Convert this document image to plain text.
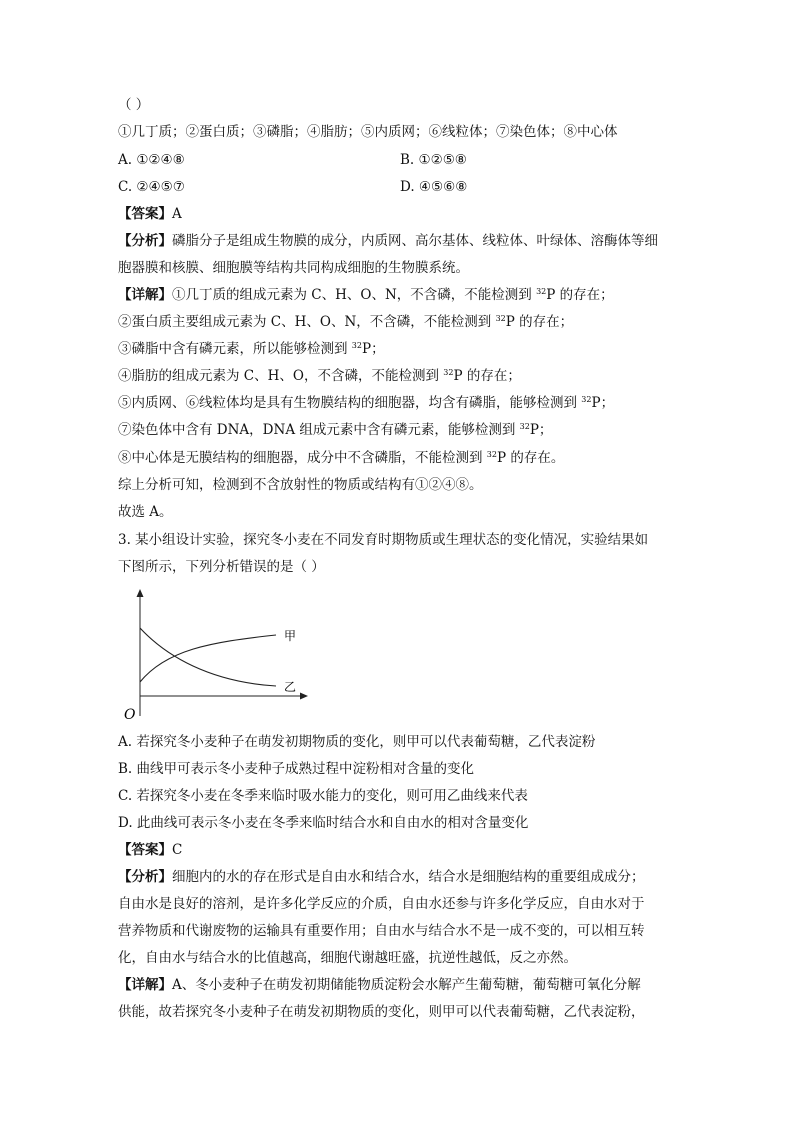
（ ）
①几丁质；②蛋白质；③磷脂；④脂肪；⑤内质网；⑥线粒体；⑦染色体；⑧中心体
A. ①②④⑧	B. ①②⑤⑧
C. ②④⑤⑦	D. ④⑤⑥⑧
【答案】A
【分析】磷脂分子是组成生物膜的成分，内质网、高尔基体、线粒体、叶绿体、溶酶体等细
胞器膜和核膜、细胞膜等结构共同构成细胞的生物膜系统。
【详解】①几丁质的组成元素为 C、H、O、N，不含磷，不能检测到 $^{32}$P 的存在；
②蛋白质主要组成元素为 C、H、O、N，不含磷，不能检测到 $^{32}$P 的存在；
③磷脂中含有磷元素，所以能够检测到 $^{32}$P；
④脂肪的组成元素为 C、H、O，不含磷，不能检测到 $^{32}$P 的存在；
⑤内质网、⑥线粒体均是具有生物膜结构的细胞器，均含有磷脂，能够检测到 $^{32}$P；
⑦染色体中含有 DNA，DNA 组成元素中含有磷元素，能够检测到 $^{32}$P；
⑧中心体是无膜结构的细胞器，成分中不含磷脂，不能检测到 $^{32}$P 的存在。
综上分析可知，检测到不含放射性的物质或结构有①②④⑧。
故选 A。
3. 某小组设计实验，探究冬小麦在不同发育时期物质或生理状态的变化情况，实验结果如
下图所示，下列分析错误的是（ ）
甲
乙
O
A. 若探究冬小麦种子在萌发初期物质的变化，则甲可以代表葡萄糖，乙代表淀粉
B. 曲线甲可表示冬小麦种子成熟过程中淀粉相对含量的变化
C. 若探究冬小麦在冬季来临时吸水能力的变化，则可用乙曲线来代表
D. 此曲线可表示冬小麦在冬季来临时结合水和自由水的相对含量变化
【答案】C
【分析】细胞内的水的存在形式是自由水和结合水，结合水是细胞结构的重要组成成分；
自由水是良好的溶剂，是许多化学反应的介质，自由水还参与许多化学反应，自由水对于
营养物质和代谢废物的运输具有重要作用；自由水与结合水不是一成不变的，可以相互转
化，自由水与结合水的比值越高，细胞代谢越旺盛，抗逆性越低，反之亦然。
【详解】A、冬小麦种子在萌发初期储能物质淀粉会水解产生葡萄糖，葡萄糖可氧化分解
供能，故若探究冬小麦种子在萌发初期物质的变化，则甲可以代表葡萄糖，乙代表淀粉，
